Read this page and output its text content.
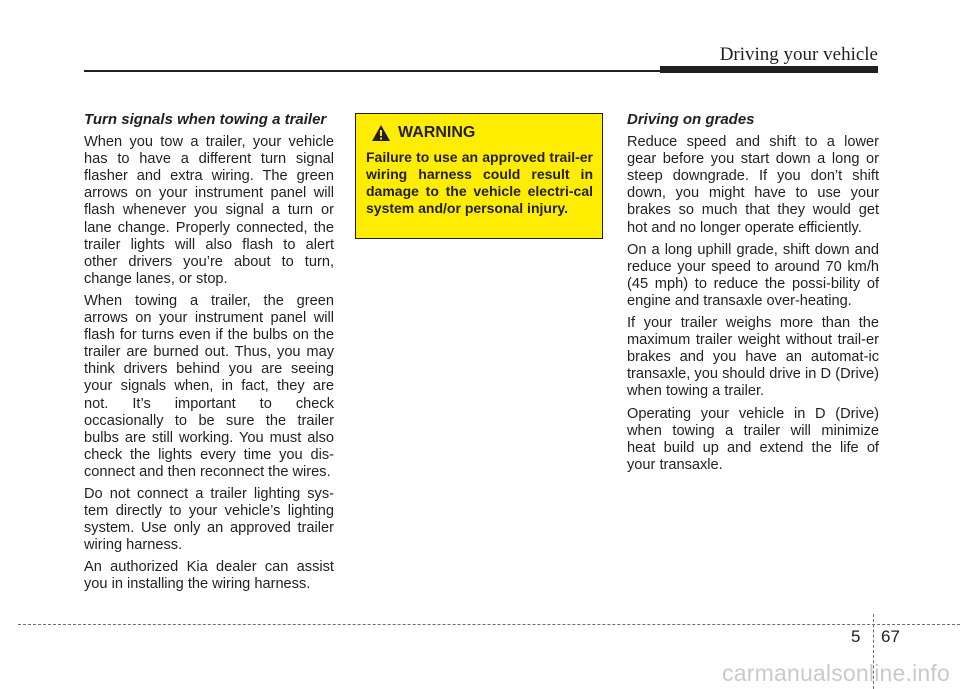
Driving your vehicle
Turn signals when towing a trailer

When you tow a trailer, your vehicle has to have a different turn signal flasher and extra wiring. The green arrows on your instrument panel will flash whenever you signal a turn or lane change. Properly connected, the trailer lights will also flash to alert other drivers you’re about to turn, change lanes, or stop.

When towing a trailer, the green arrows on your instrument panel will flash for turns even if the bulbs on the trailer are burned out. Thus, you may think drivers behind you are seeing your signals when, in fact, they are not. It’s important to check occasionally to be sure the trailer bulbs are still working. You must also check the lights every time you dis-connect and then reconnect the wires.

Do not connect a trailer lighting sys-tem directly to your vehicle’s lighting system. Use only an approved trailer wiring harness.

An authorized Kia dealer can assist you in installing the wiring harness.

WARNING

Failure to use an approved trail-er wiring harness could result in damage to the vehicle electri-cal system and/or personal injury.

Driving on grades

Reduce speed and shift to a lower gear before you start down a long or steep downgrade. If you don’t shift down, you might have to use your brakes so much that they would get hot and no longer operate efficiently.

On a long uphill grade, shift down and reduce your speed to around 70 km/h (45 mph) to reduce the possi-bility of engine and transaxle over-heating.

If your trailer weighs more than the maximum trailer weight without trail-er brakes and you have an automat-ic transaxle, you should drive in D (Drive) when towing a trailer.

Operating your vehicle in D (Drive) when towing a trailer will minimize heat build up and extend the life of your transaxle.

5 67
carmanualsonline.info
